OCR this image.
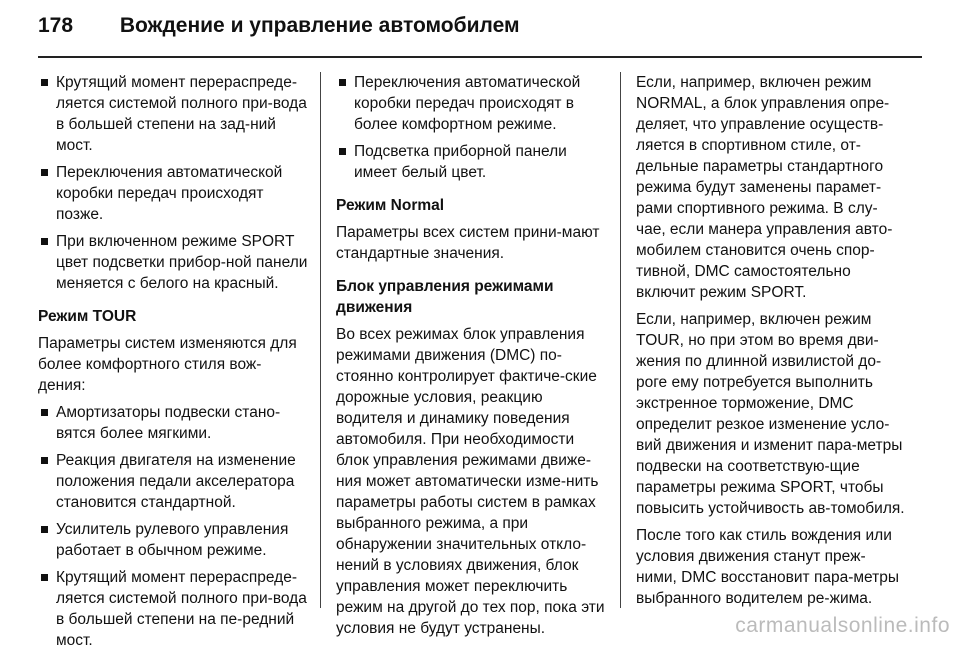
178 Вождение и управление автомобилем
Крутящий момент перераспреде-ляется системой полного при-вода в большей степени на зад-ний мост.
Переключения автоматической коробки передач происходят позже.
При включенном режиме SPORT цвет подсветки прибор-ной панели меняется с белого на красный.

Режим TOUR

Параметры систем изменяются для более комфортного стиля вож-дения:

Амортизаторы подвески стано-вятся более мягкими.
Реакция двигателя на изменение положения педали акселератора становится стандартной.
Усилитель рулевого управления работает в обычном режиме.
Крутящий момент перераспреде-ляется системой полного при-вода в большей степени на пе-редний мост.
Переключения автоматической коробки передач происходят в более комфортном режиме.
Подсветка приборной панели имеет белый цвет.

Режим Normal

Параметры всех систем прини-мают стандартные значения.

Блок управления режимами движения

Во всех режимах блок управления режимами движения (DMC) по-стоянно контролирует фактиче-ские дорожные условия, реакцию водителя и динамику поведения автомобиля. При необходимости блок управления режимами движе-ния может автоматически изме-нить параметры работы систем в рамках выбранного режима, а при обнаружении значительных откло-нений в условиях движения, блок управления может переключить режим на другой до тех пор, пока эти условия не будут устранены.

Если, например, включен режим NORMAL, а блок управления опре-деляет, что управление осуществ-ляется в спортивном стиле, от-дельные параметры стандартного режима будут заменены парамет-рами спортивного режима. В слу-чае, если манера управления авто-мобилем становится очень спор-тивной, DMC самостоятельно включит режим SPORT.

Если, например, включен режим TOUR, но при этом во время дви-жения по длинной извилистой до-роге ему потребуется выполнить экстренное торможение, DMC определит резкое изменение усло-вий движения и изменит пара-метры подвески на соответствую-щие параметры режима SPORT, чтобы повысить устойчивость ав-томобиля.

После того как стиль вождения или условия движения станут преж-ними, DMC восстановит пара-метры выбранного водителем ре-жима.

carmanualsonline.info
